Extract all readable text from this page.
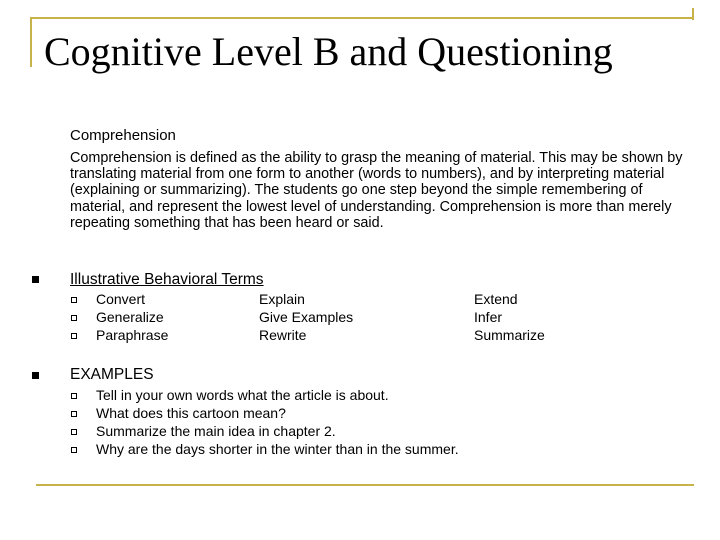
Cognitive Level B and Questioning
Comprehension
Comprehension is defined as the ability to grasp the meaning of material. This may be shown by translating material from one form to another (words to numbers), and by interpreting material (explaining or summarizing). The students go one step beyond the simple remembering of material, and represent the lowest level of understanding. Comprehension is more than merely repeating something that has been heard or said.
Illustrative Behavioral Terms
Convert
Generalize
Paraphrase
Explain
Give Examples
Rewrite
Extend
Infer
Summarize
EXAMPLES
Tell in your own words what the article is about.
What does this cartoon mean?
Summarize the main idea in chapter 2.
Why are the days shorter in the winter than in the summer.
